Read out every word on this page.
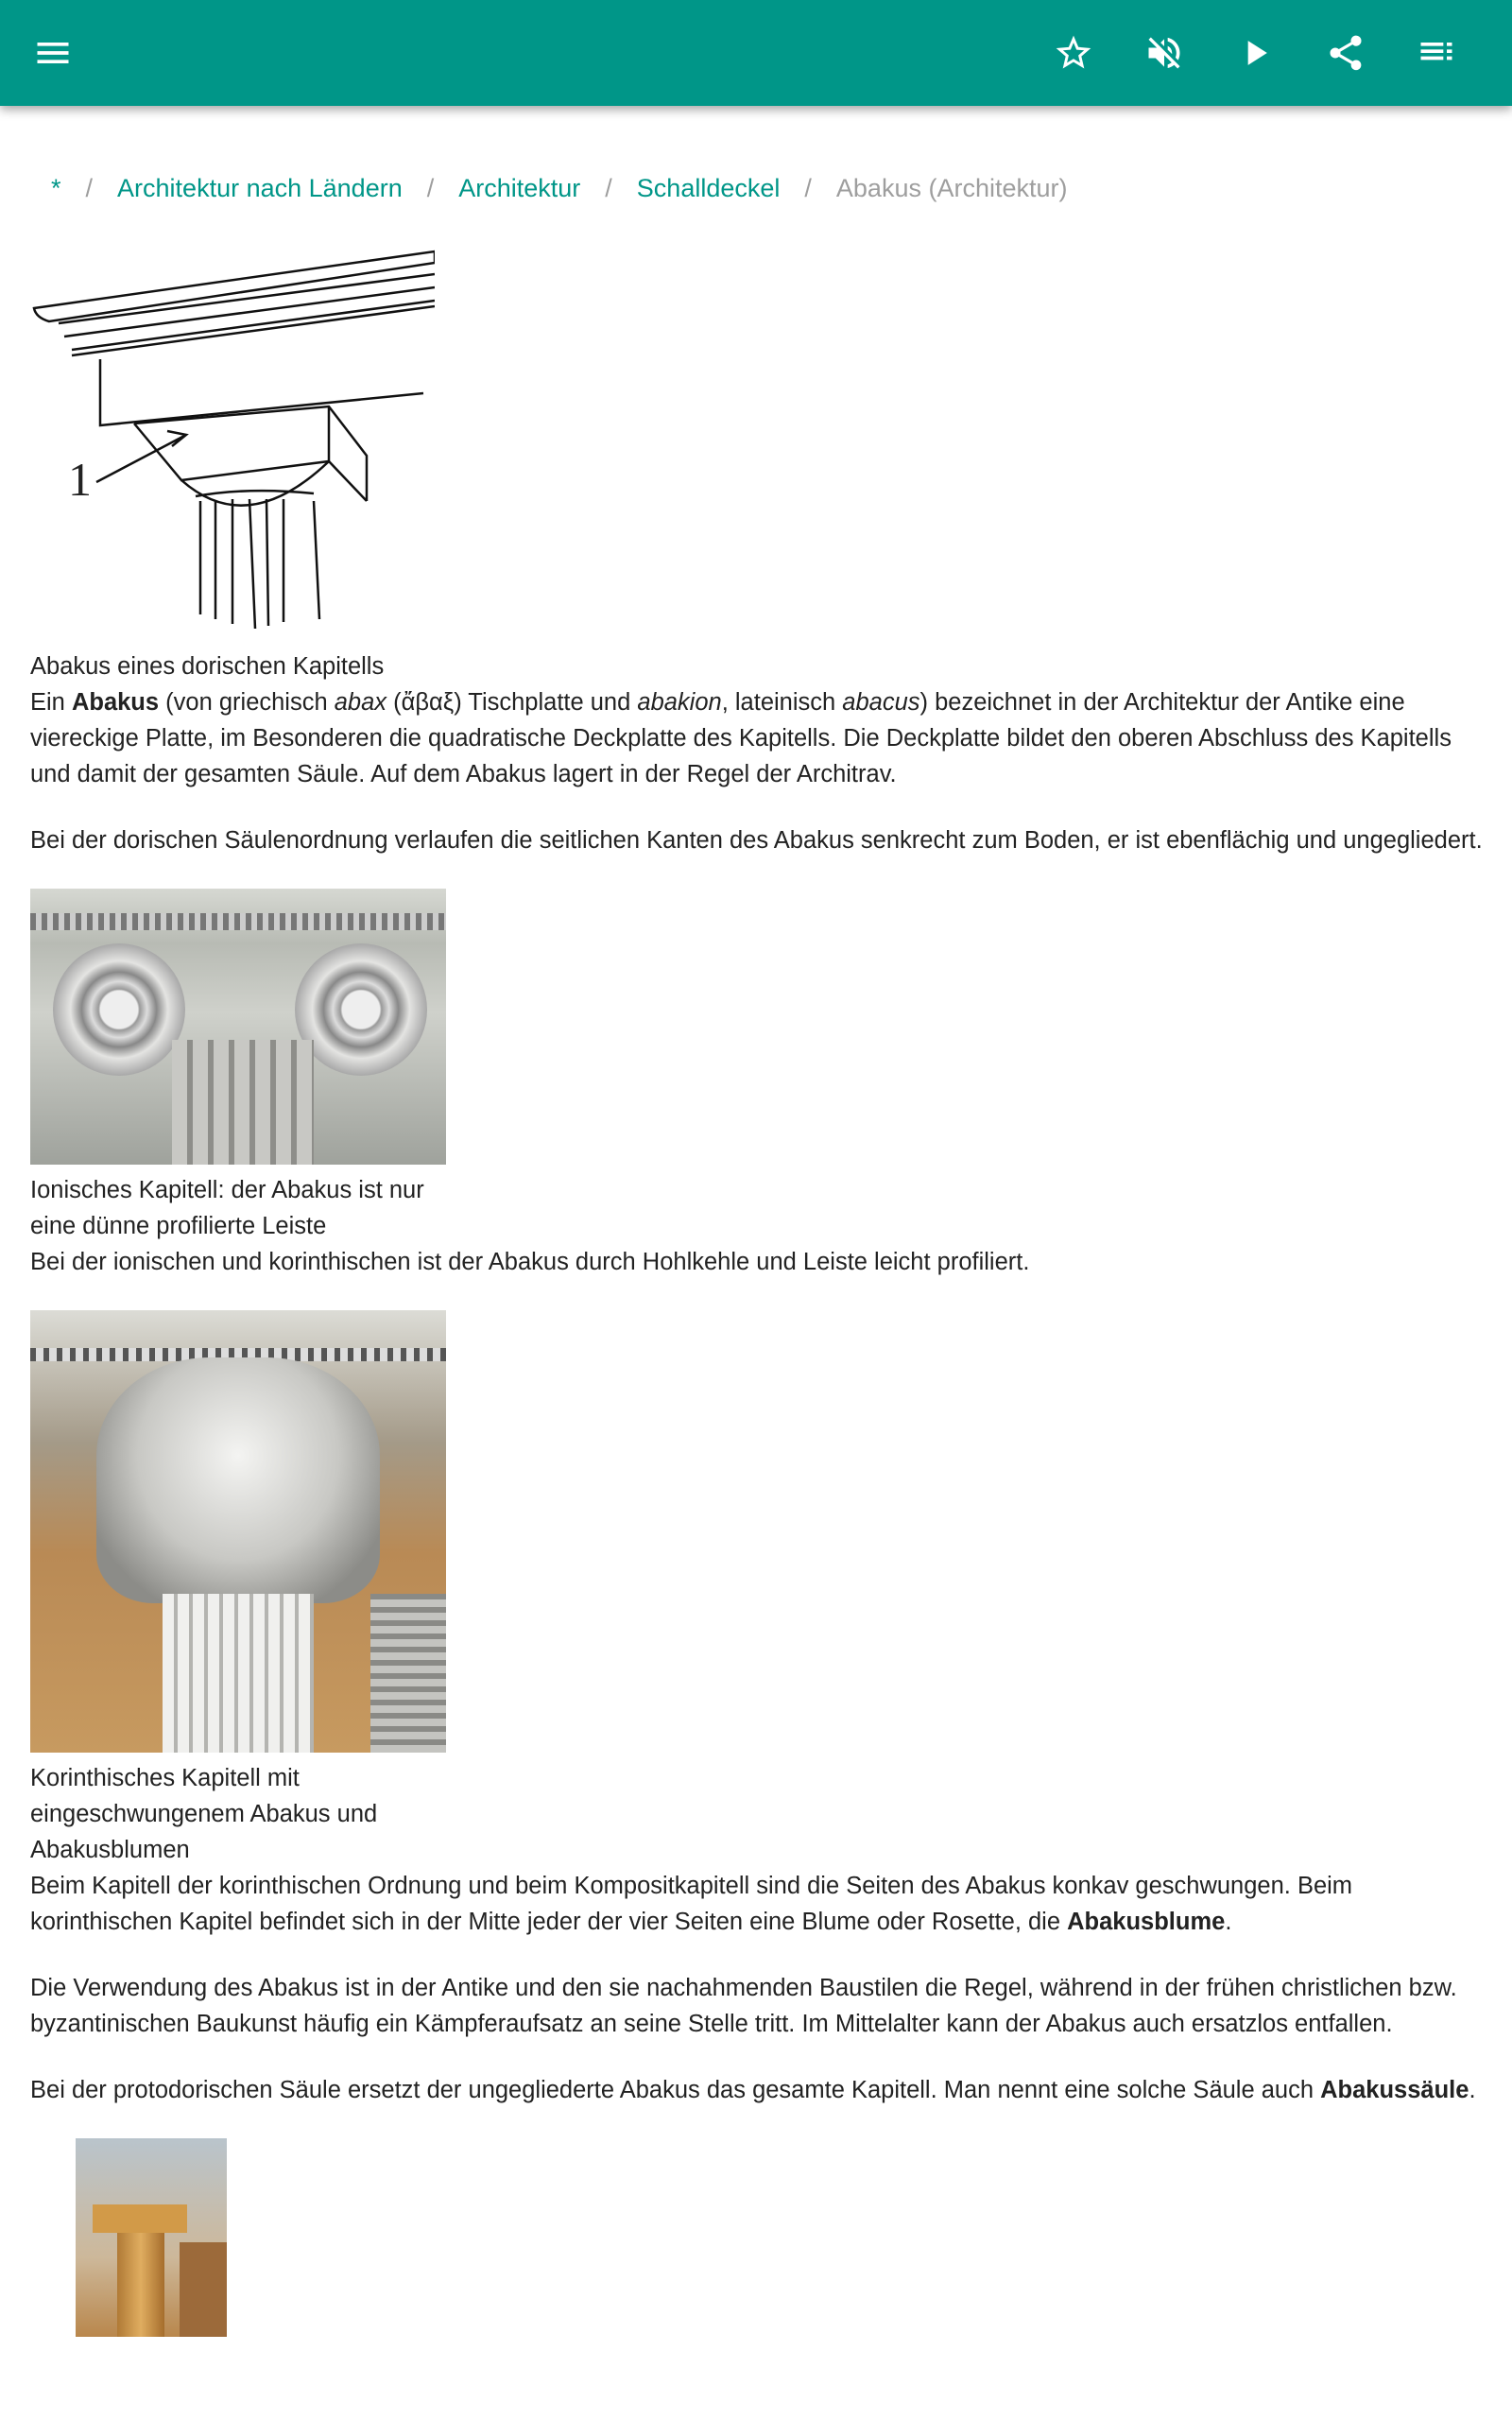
* / Architektur nach Ländern / Architektur / Schalldeckel / Abakus (Architektur)
1
Abakus eines dorischen Kapitells

Ein Abakus (von griechisch abax (ἄβαξ) Tischplatte und abakion, lateinisch abacus) bezeichnet in der Architektur der Antike eine viereckige Platte, im Besonderen die quadratische Deckplatte des Kapitells. Die Deckplatte bildet den oberen Abschluss des Kapitells und damit der gesamten Säule. Auf dem Abakus lagert in der Regel der Architrav.

Bei der dorischen Säulenordnung verlaufen die seitlichen Kanten des Abakus senkrecht zum Boden, er ist ebenflächig und ungegliedert.

Ionisches Kapitell: der Abakus ist nur eine dünne profilierte Leiste

Bei der ionischen und korinthischen ist der Abakus durch Hohlkehle und Leiste leicht profiliert.

Korinthisches Kapitell mit eingeschwungenem Abakus und Abakusblumen

Beim Kapitell der korinthischen Ordnung und beim Kompositkapitell sind die Seiten des Abakus konkav geschwungen. Beim korinthischen Kapitel befindet sich in der Mitte jeder der vier Seiten eine Blume oder Rosette, die Abakusblume.

Die Verwendung des Abakus ist in der Antike und den sie nachahmenden Baustilen die Regel, während in der frühen christlichen bzw. byzantinischen Baukunst häufig ein Kämpferaufsatz an seine Stelle tritt. Im Mittelalter kann der Abakus auch ersatzlos entfallen.

Bei der protodorischen Säule ersetzt der ungegliederte Abakus das gesamte Kapitell. Man nennt eine solche Säule auch Abakussäule.
